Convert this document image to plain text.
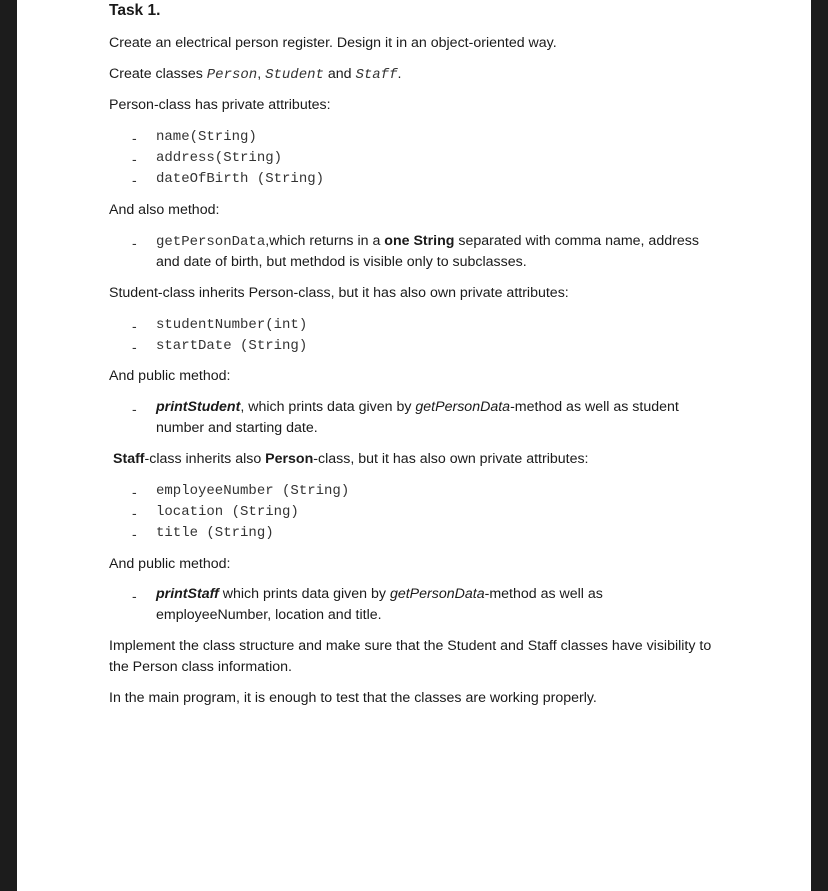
Task 1.
Create an electrical person register. Design it in an object-oriented way.
Create classes Person, Student and Staff.
Person-class has private attributes:
- name(String)
- address(String)
- dateOfBirth (String)
And also method:
- getPersonData,which returns in a one String separated with comma name, address
and date of birth, but methdod is visible only to subclasses.
Student-class inherits Person-class, but it has also own private attributes:
- studentNumber(int)
- startDate (String)
And public method:
- printStudent, which prints data given by getPersonData-method as well as student
number and starting date.
Staff-class inherits also Person-class, but it has also own private attributes:
- employeeNumber (String)
- location (String)
- title (String)
And public method:
- printStaff which prints data given by getPersonData-method as well as
employeeNumber, location and title.
Implement the class structure and make sure that the Student and Staff classes have visibility to
the Person class information.
In the main program, it is enough to test that the classes are working properly.
